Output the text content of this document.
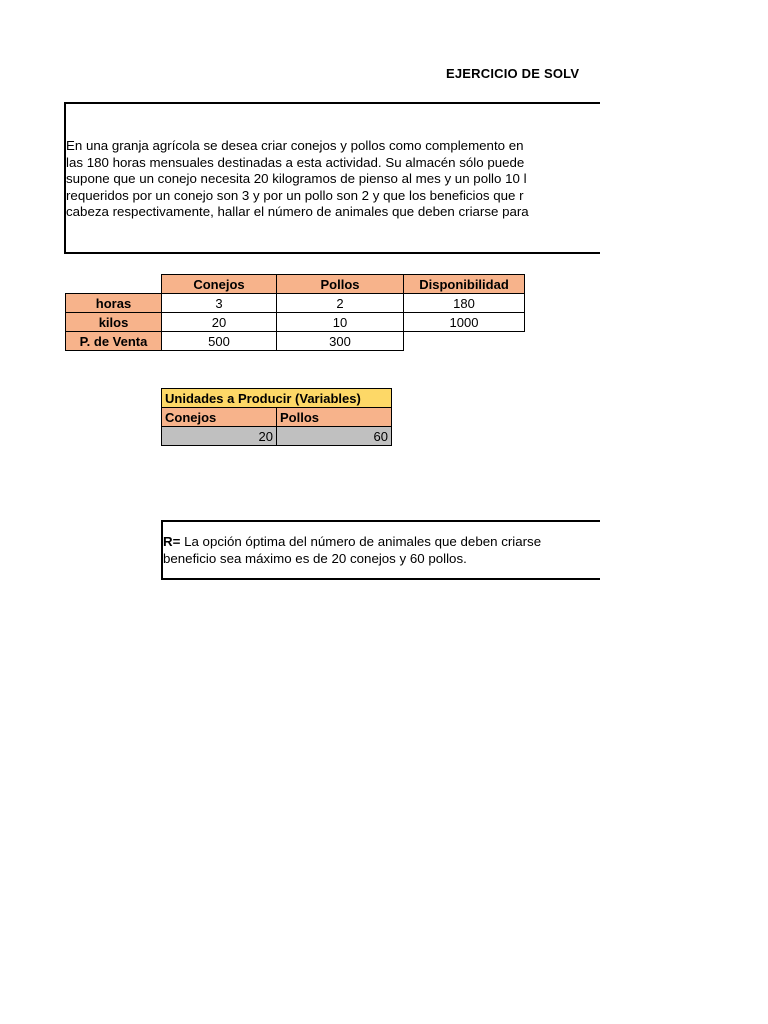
EJERCICIO DE SOLV
En una granja agrícola se desea criar conejos y pollos como complemento en
las 180 horas mensuales destinadas a esta actividad. Su almacén sólo puede
supone que un conejo necesita 20 kilogramos de pienso al mes y un pollo 10 l
requeridos por un conejo son 3 y por un pollo son 2 y que los beneficios que r
cabeza respectivamente, hallar el número de animales que deben criarse para
	Conejos	Pollos	Disponibilidad
horas	3	2	180
kilos	20	10	1000
P. de Venta	500	300	
Unidades a Producir (Variables)	
Conejos	Pollos
20	60
R= La opción óptima del número de animales que deben criarse
beneficio sea máximo es de 20 conejos y 60 pollos.
